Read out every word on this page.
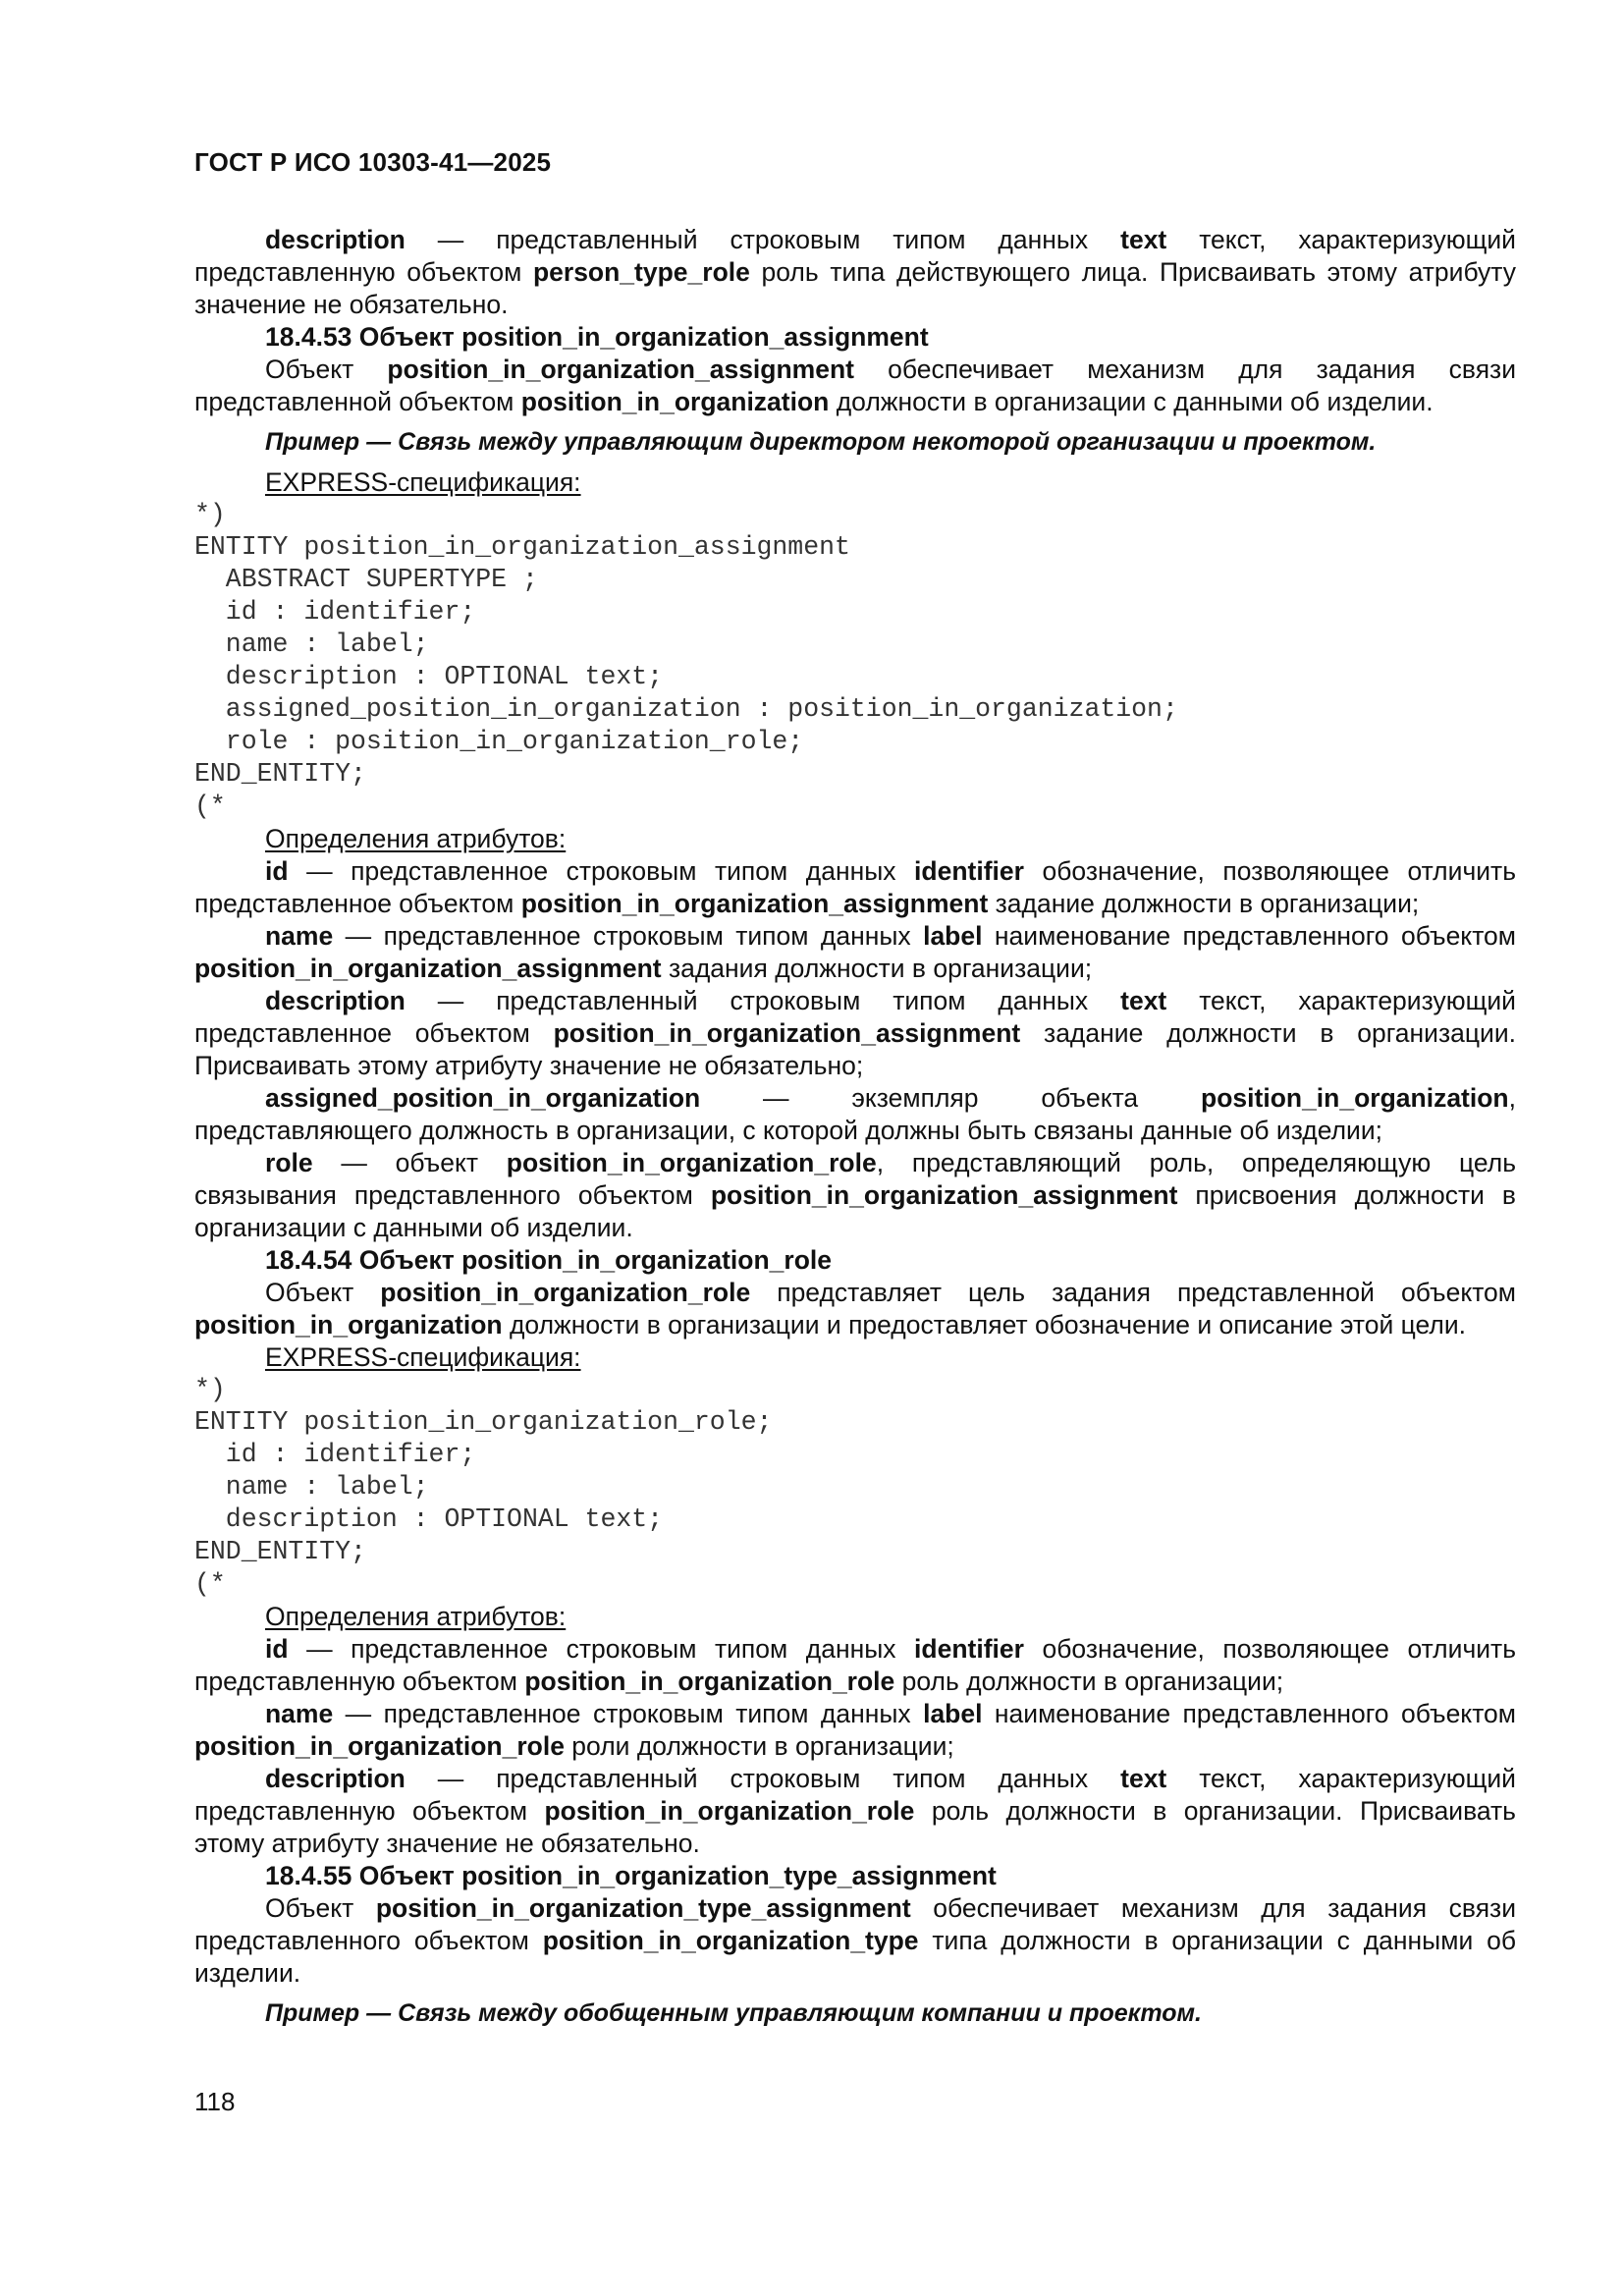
ГОСТ Р ИСО 10303-41—2025

description — представленный строковым типом данных text текст, характеризующий представленную объектом person_type_role роль типа действующего лица. Присваивать этому атрибуту значение не обязательно.

18.4.53 Объект position_in_organization_assignment

Объект position_in_organization_assignment обеспечивает механизм для задания связи представленной объектом position_in_organization должности в организации с данными об изделии.

Пример — Связь между управляющим директором некоторой организации и проектом.

EXPRESS-спецификация:

*)

ENTITY position_in_organization_assignment

ABSTRACT SUPERTYPE ;

id : identifier;

name : label;

description : OPTIONAL text;

assigned_position_in_organization : position_in_organization;

role : position_in_organization_role;

END_ENTITY;

(*

Определения атрибутов:

id — представленное строковым типом данных identifier обозначение, позволяющее отличить представленное объектом position_in_organization_assignment задание должности в организации;

name — представленное строковым типом данных label наименование представленного объектом position_in_organization_assignment задания должности в организации;

description — представленный строковым типом данных text текст, характеризующий представленное объектом position_in_organization_assignment задание должности в организации. Присваивать этому атрибуту значение не обязательно;

assigned_position_in_organization — экземпляр объекта position_in_organization, представляющего должность в организации, с которой должны быть связаны данные об изделии;

role — объект position_in_organization_role, представляющий роль, определяющую цель связывания представленного объектом position_in_organization_assignment присвоения должности в организации с данными об изделии.

18.4.54 Объект position_in_organization_role

Объект position_in_organization_role представляет цель задания представленной объектом position_in_organization должности в организации и предоставляет обозначение и описание этой цели.

EXPRESS-спецификация:

*)

ENTITY position_in_organization_role;

id : identifier;

name : label;

description : OPTIONAL text;

END_ENTITY;

(*

Определения атрибутов:

id — представленное строковым типом данных identifier обозначение, позволяющее отличить представленную объектом position_in_organization_role роль должности в организации;

name — представленное строковым типом данных label наименование представленного объектом position_in_organization_role роли должности в организации;

description — представленный строковым типом данных text текст, характеризующий представленную объектом position_in_organization_role роль должности в организации. Присваивать этому атрибуту значение не обязательно.

18.4.55 Объект position_in_organization_type_assignment

Объект position_in_organization_type_assignment обеспечивает механизм для задания связи представленного объектом position_in_organization_type типа должности в организации с данными об изделии.

Пример — Связь между обобщенным управляющим компании и проектом.

118
